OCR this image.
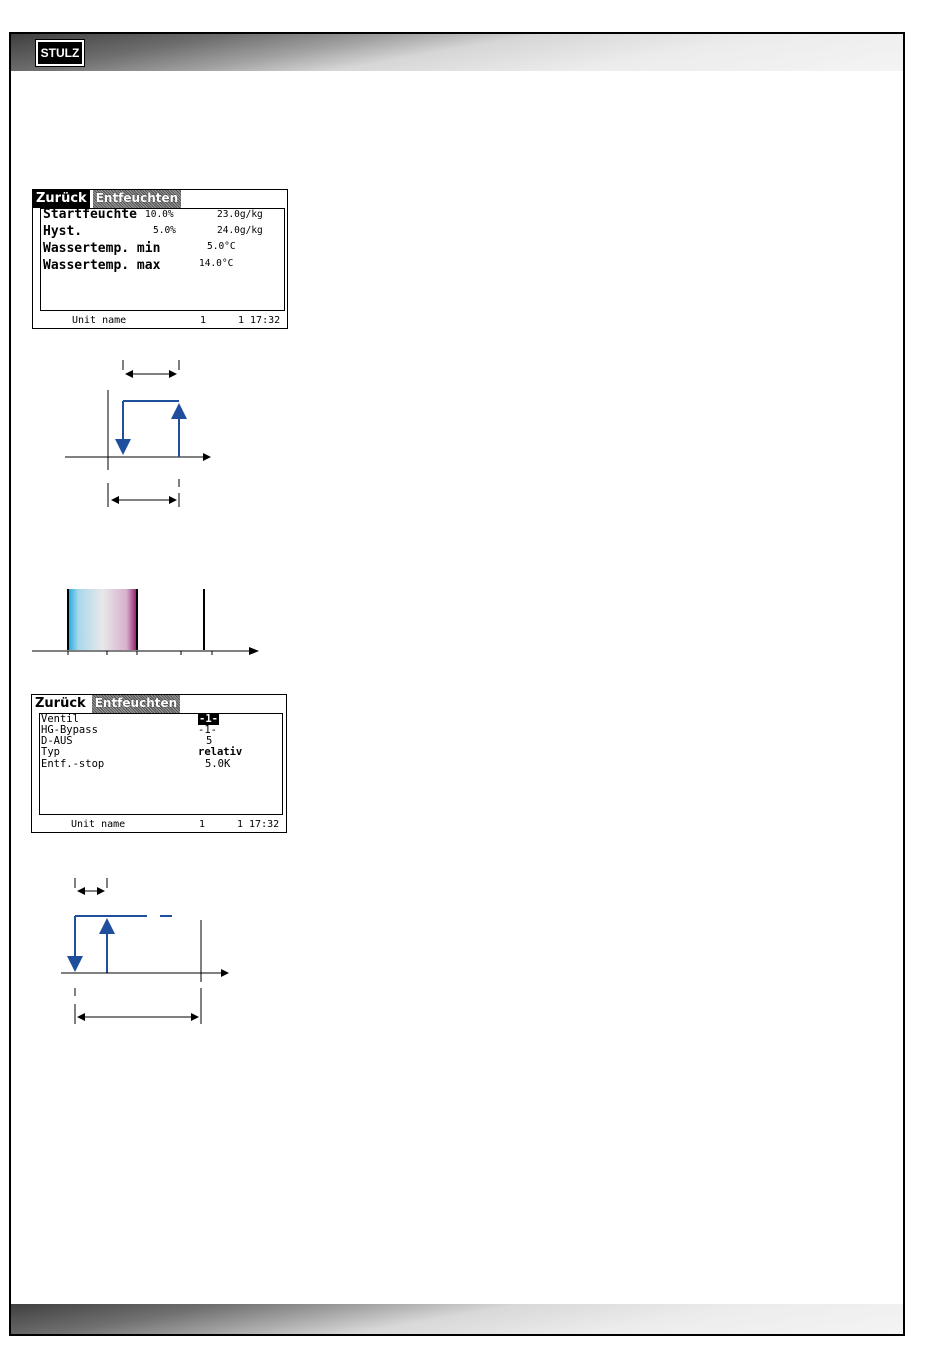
STULZ
Zurück Entfeuchten
Startfeuchte 10.0%	23.0g/kg
Hyst.	5.0%	24.0g/kg
Wassertemp. min	5.0°C
Wassertemp. max	14.0°C
Unit name	1	1 17:32
Zurück Entfeuchten
Ventil	-1-
HG-Bypass	-1-
D-AUS	5
Typ	relativ
Entf.-stop	5.0K
Unit name	1	1 17:32
